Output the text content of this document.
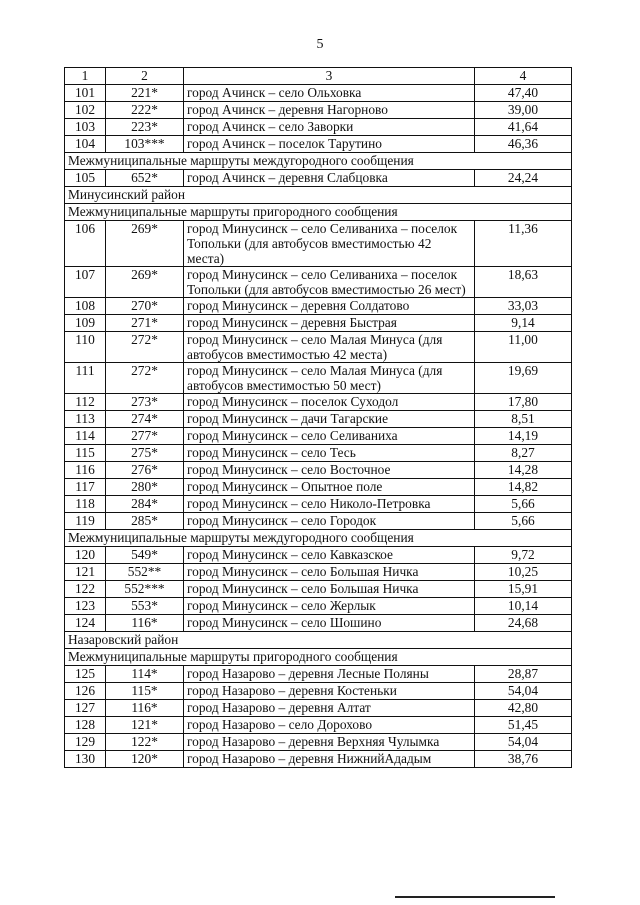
5
1	2	3	4
101	221*	город Ачинск – село Ольховка	47,40
102	222*	город Ачинск – деревня Нагорново	39,00
103	223*	город Ачинск – село Заворки	41,64
104	103***	город Ачинск – поселок Тарутино	46,36
Межмуниципальные маршруты междугородного сообщения			
105	652*	город Ачинск – деревня Слабцовка	24,24
Минусинский район			
Межмуниципальные маршруты пригородного сообщения			
106	269*	город Минусинск – село Селиваниха – поселок Топольки (для автобусов вместимостью 42 места)	11,36
107	269*	город Минусинск – село Селиваниха – поселок Топольки (для автобусов вместимостью 26 мест)	18,63
108	270*	город Минусинск – деревня Солдатово	33,03
109	271*	город Минусинск – деревня Быстрая	9,14
110	272*	город Минусинск – село Малая Минуса (для автобусов вместимостью 42 места)	11,00
111	272*	город Минусинск – село Малая Минуса (для автобусов вместимостью 50 мест)	19,69
112	273*	город Минусинск – поселок Суходол	17,80
113	274*	город Минусинск – дачи Тагарские	8,51
114	277*	город Минусинск – село Селиваниха	14,19
115	275*	город Минусинск – село Тесь	8,27
116	276*	город Минусинск – село Восточное	14,28
117	280*	город Минусинск – Опытное поле	14,82
118	284*	город Минусинск – село Николо-Петровка	5,66
119	285*	город Минусинск – село Городок	5,66
Межмуниципальные маршруты междугородного сообщения			
120	549*	город Минусинск – село Кавказское	9,72
121	552**	город Минусинск – село Большая Ничка	10,25
122	552***	город Минусинск – село Большая Ничка	15,91
123	553*	город Минусинск – село Жерлык	10,14
124	116*	город Минусинск – село Шошино	24,68
Назаровский район			
Межмуниципальные маршруты пригородного сообщения			
125	114*	город Назарово – деревня Лесные Поляны	28,87
126	115*	город Назарово – деревня Костеньки	54,04
127	116*	город Назарово – деревня Алтат	42,80
128	121*	город Назарово – село Дорохово	51,45
129	122*	город Назарово – деревня Верхняя Чулымка	54,04
130	120*	город Назарово – деревня НижнийАдадым	38,76
